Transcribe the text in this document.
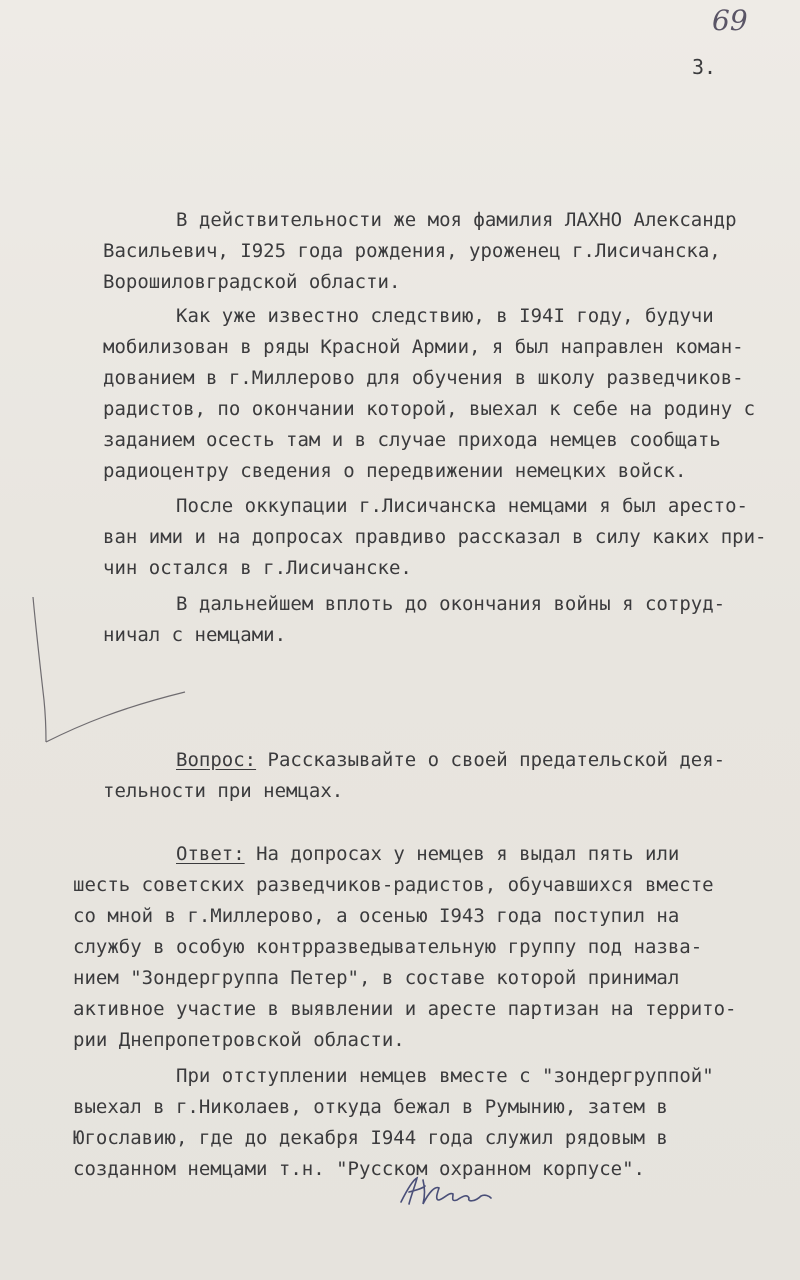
69
3.
В действительности же моя фамилия ЛАХНО Александр
Васильевич, I925 года рождения, уроженец г.Лисичанска,
Ворошиловградской области.
Как уже известно следствию, в I94I году, будучи
мобилизован в ряды Красной Армии, я был направлен коман-
дованием в г.Миллерово для обучения в школу разведчиков-
радистов, по окончании которой, выехал к себе на родину с
заданием осесть там и в случае прихода немцев сообщать
радиоцентру сведения о передвижении немецких войск.
После оккупации г.Лисичанска немцами я был аресто-
ван ими и на допросах правдиво рассказал в силу каких при-
чин остался в г.Лисичанске.
В дальнейшем вплоть до окончания войны я сотруд-
ничал с немцами.
Вопрос: Рассказывайте о своей предательской дея-
тельности при немцах.
Ответ: На допросах у немцев я выдал пять или
шесть советских разведчиков-радистов, обучавшихся вместе
со мной в г.Миллерово, а осенью I943 года поступил на
службу в особую контрразведывательную группу под назва-
нием "Зондергруппа Петер", в составе которой принимал
активное участие в выявлении и аресте партизан на террито-
рии Днепропетровской области.
При отступлении немцев вместе с "зондергруппой"
выехал в г.Николаев, откуда бежал в Румынию, затем в
Югославию, где до декабря I944 года служил рядовым в
созданном немцами т.н. "Русском охранном корпусе".
